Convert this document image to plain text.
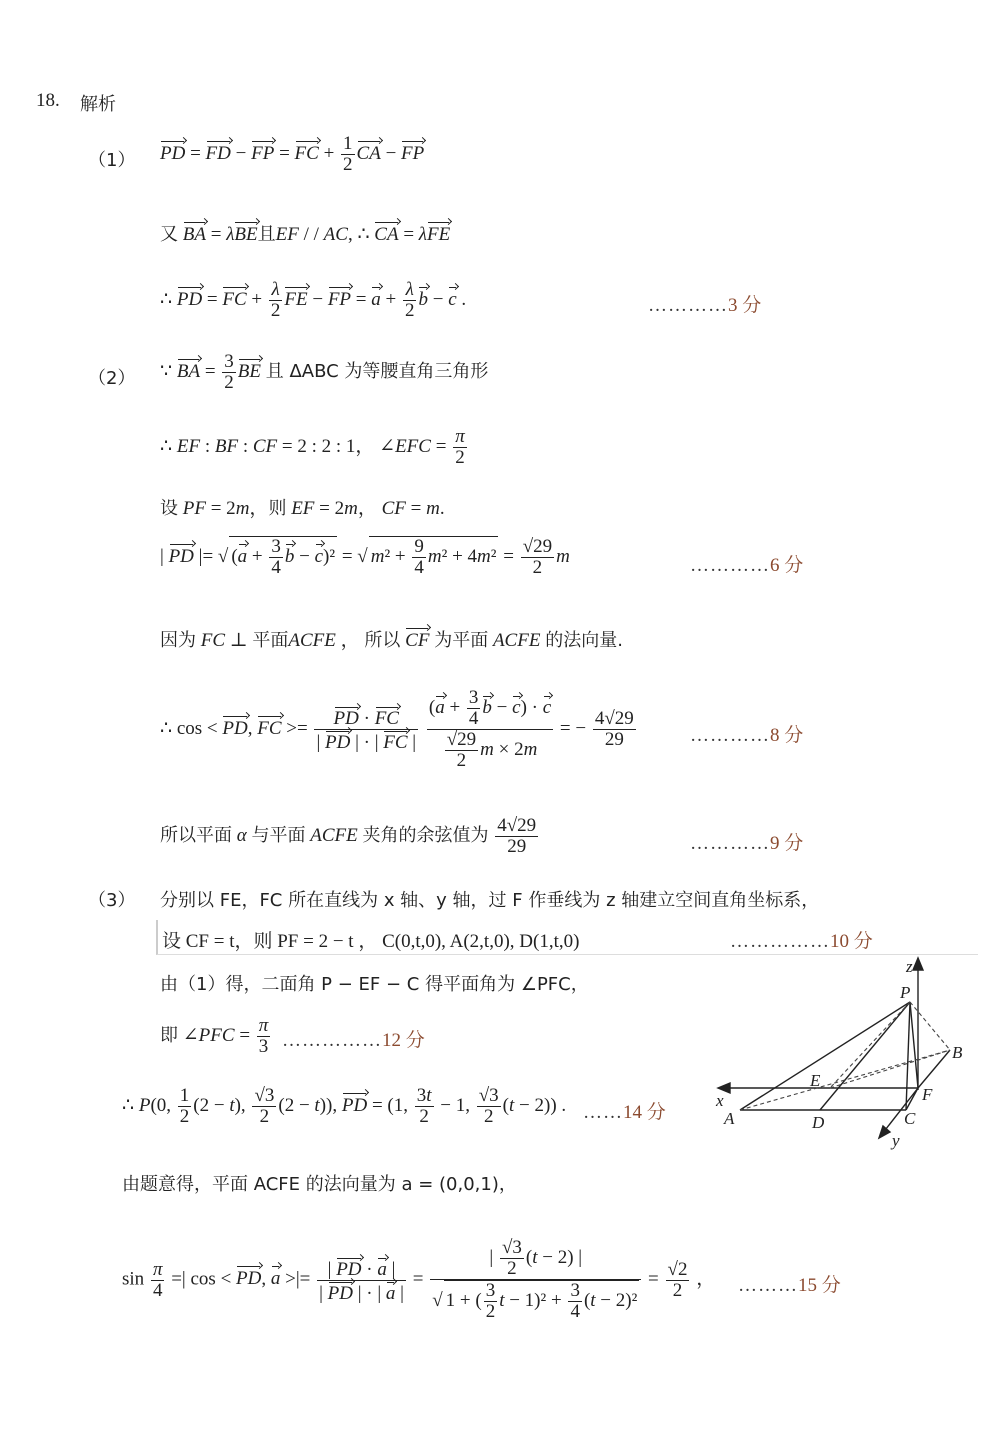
18. 解析
（1） PD = FD − FP = FC + $\frac{1}{2}$ CA − FP
又 BA = λBE且EF / / AC, ∴ CA = λFE
∴ PD = FC + $\frac{\lambda}{2}$ FE − FP = $a + \frac{\lambda}{2}$ b − c .	…………3 分
（2） ∵ BA = $\frac{3}{2}$ BE 且 ΔABC 为等腰直角三角形
∴ EF : BF : CF = 2 : 2 : 1， ∠EFC = $\frac{\pi}{2}$
设 PF = 2m，则 EF = 2m， CF = m.
| PD |= √ ($a + \frac{3}{4}$ b − c)² = √ $m^2 + \frac{9}{4} m^2 + 4m^2 = \frac{√29}{2}$ m	…………6 分
因为 FC ⊥ 平面ACFE ， 所以 CF 为平面 ACFE 的法向量.
∴ cos < PD, FC >= $\frac{PD \cdot FC}{| PD | \cdot | FC |}$
$\frac{(a + \frac{3}{4} b - c) \cdot c}{\frac{√29}{2} m \times 2m}$ = − $\frac{4√29}{29}$	…………8 分
所以平面 α 与平面 ACFE 夹角的余弦值为 $\frac{4√29}{29}$	…………9 分
（3） 分别以 FE，FC 所在直线为 x 轴、y 轴，过 F 作垂线为 z 轴建立空间直角坐标系，
设 CF = t，则 PF = 2 − t ， C(0,t,0), A(2,t,0), D(1,t,0)	……………10 分
由（1）得，二面角 P − EF − C 得平面角为 ∠PFC，
即 ∠PFC = $\frac{\pi}{3}$ ……………12 分
∴ P(0, $\frac{1}{2} (2 - t)$, $\frac{√3}{2} (2 - t)$), PD = (1, $\frac{3t}{2} - 1$, $\frac{√3}{2} (t - 2)$) . ……14 分
由题意得，平面 ACFE 的法向量为 a = (0,0,1)，
$\sin \frac{\pi}{4}$ =| cos < PD, a >|= $\frac{| PD \cdot a |}{| PD | \cdot | a |} = \frac{| \frac{√3}{2} (t - 2) |}{√ 1 + ( \frac{3}{2} t - 1)^2 + \frac{3}{4} (t - 2)^2} = \frac{√2}{2}$ ， ………15 分
z
P
B
E
F
x
A	D	C
y
